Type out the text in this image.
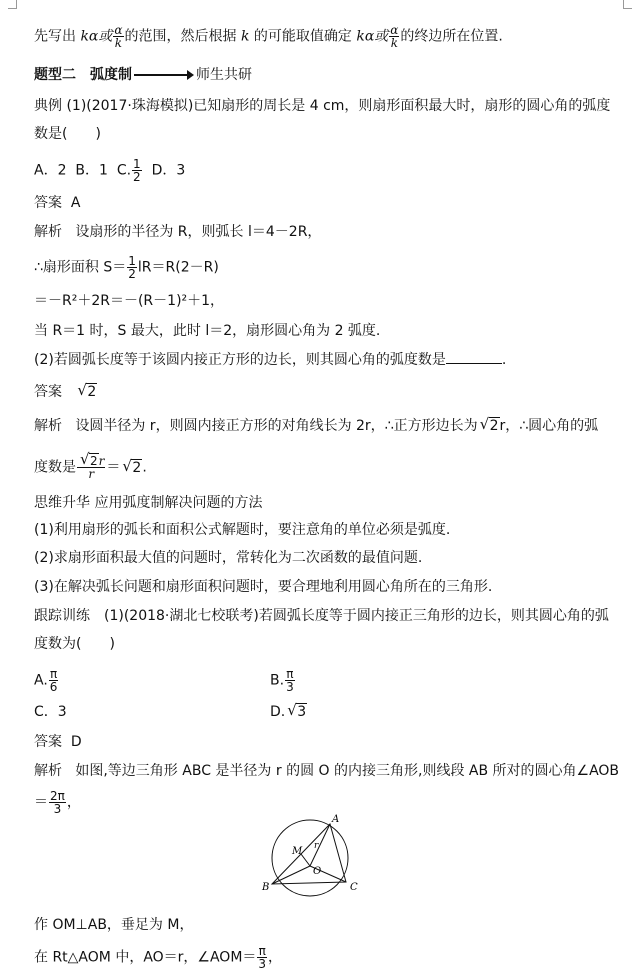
先写出 kα或 $\frac{\alpha}{k}$ 的范围，然后根据 k 的可能取值确定 kα或 $\frac{\alpha}{k}$ 的终边所在位置.
题型二　弧度制	师生共研
典例 (1)(2017·珠海模拟)已知扇形的周长是 4 cm，则扇形面积最大时，扇形的圆心角的弧度
数是(　　)
A．2 B．1 C. $\frac{1}{2}$ D．3
答案 A
解析 设扇形的半径为 R，则弧长 l＝4－2R，
∴扇形面积 $S= \frac{1}{2} lR=R(2-R)$
＝－R²＋2R＝－(R－1)²＋1，
当 R＝1 时，S 最大，此时 l＝2，扇形圆心角为 2 弧度.
(2)若圆弧长度等于该圆内接正方形的边长，则其圆心角的弧度数是	.
答案 √ 2
解析 设圆半径为 r，则圆内接正方形的对角线长为 2r，∴正方形边长为 √ 2r，∴圆心角的弧
度数是 √ $\frac{2r}{r}$ ＝ √ 2.
思维升华 应用弧度制解决问题的方法
(1)利用扇形的弧长和面积公式解题时，要注意角的单位必须是弧度.
(2)求扇形面积最大值的问题时，常转化为二次函数的最值问题.
(3)在解决弧长问题和扇形面积问题时，要合理地利用圆心角所在的三角形.
跟踪训练　(1)(2018·湖北七校联考)若圆弧长度等于圆内接正三角形的边长，则其圆心角的弧
度数为(　　)
A. $\frac{\pi}{6}$	B. $\frac{\pi}{3}$
C．3	D. √ 3
答案 D
解析 如图,等边三角形 ABC 是半径为 r 的圆 O 的内接三角形,则线段 AB 所对的圆心角∠AOB
＝ $\frac{2\pi}{3}$ ，
作 OM⊥AB，垂足为 M，
在 Rt△AOM 中，AO＝r，∠AOM＝ $\frac{\pi}{3}$ ，
A
B	C
M
O
r
